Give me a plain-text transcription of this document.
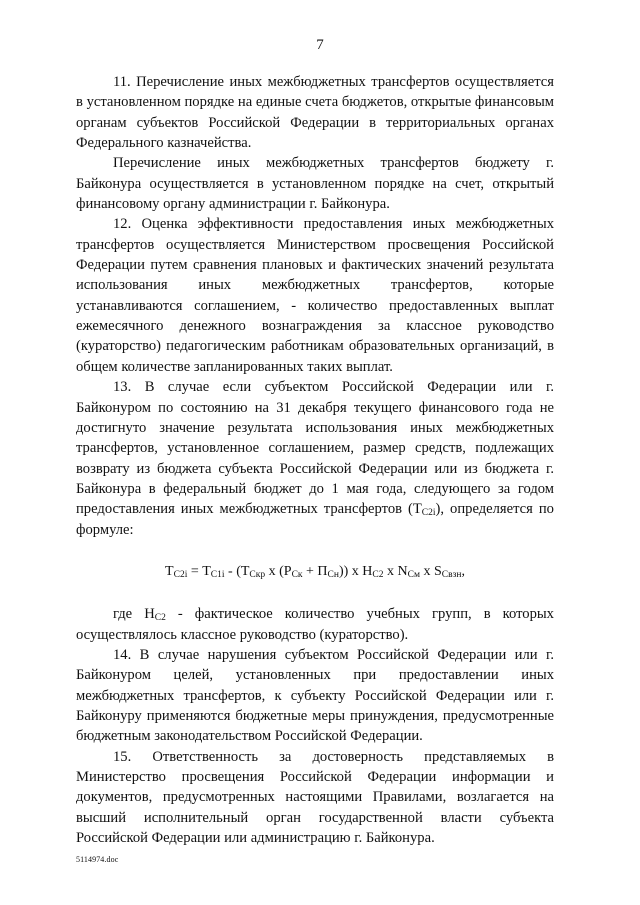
7

11. Перечисление иных межбюджетных трансфертов осуществляется в установленном порядке на единые счета бюджетов, открытые финансовым органам субъектов Российской Федерации в территориальных органах Федерального казначейства.

Перечисление иных межбюджетных трансфертов бюджету г. Байконура осуществляется в установленном порядке на счет, открытый финансовому органу администрации г. Байконура.

12. Оценка эффективности предоставления иных межбюджетных трансфертов осуществляется Министерством просвещения Российской Федерации путем сравнения плановых и фактических значений результата использования иных межбюджетных трансфертов, которые устанавливаются соглашением, - количество предоставленных выплат ежемесячного денежного вознаграждения за классное руководство (кураторство) педагогическим работникам образовательных организаций, в общем количестве запланированных таких выплат.

13. В случае если субъектом Российской Федерации или г. Байконуром по состоянию на 31 декабря текущего финансового года не достигнуто значение результата использования иных межбюджетных трансфертов, установленное соглашением, размер средств, подлежащих возврату из бюджета субъекта Российской Федерации или из бюджета г. Байконура в федеральный бюджет до 1 мая года, следующего за годом предоставления иных межбюджетных трансфертов $(Т_{C2i})$, определяется по формуле:

$Т_{C2i} = Т_{C1i} - (Т_{Скр}$ х $(Р_{Ск} + П_{Сн})$) х $Н_{C2}$ х $N_{См}$ х $S_{Свзн}$,

где $Н_{C2}$ - фактическое количество учебных групп, в которых осуществлялось классное руководство (кураторство).

14. В случае нарушения субъектом Российской Федерации или г. Байконуром целей, установленных при предоставлении иных межбюджетных трансфертов, к субъекту Российской Федерации или г. Байконуру применяются бюджетные меры принуждения, предусмотренные бюджетным законодательством Российской Федерации.

15. Ответственность за достоверность представляемых в Министерство просвещения Российской Федерации информации и документов, предусмотренных настоящими Правилами, возлагается на высший исполнительный орган государственной власти субъекта Российской Федерации или администрацию г. Байконура.

5114974.doc
